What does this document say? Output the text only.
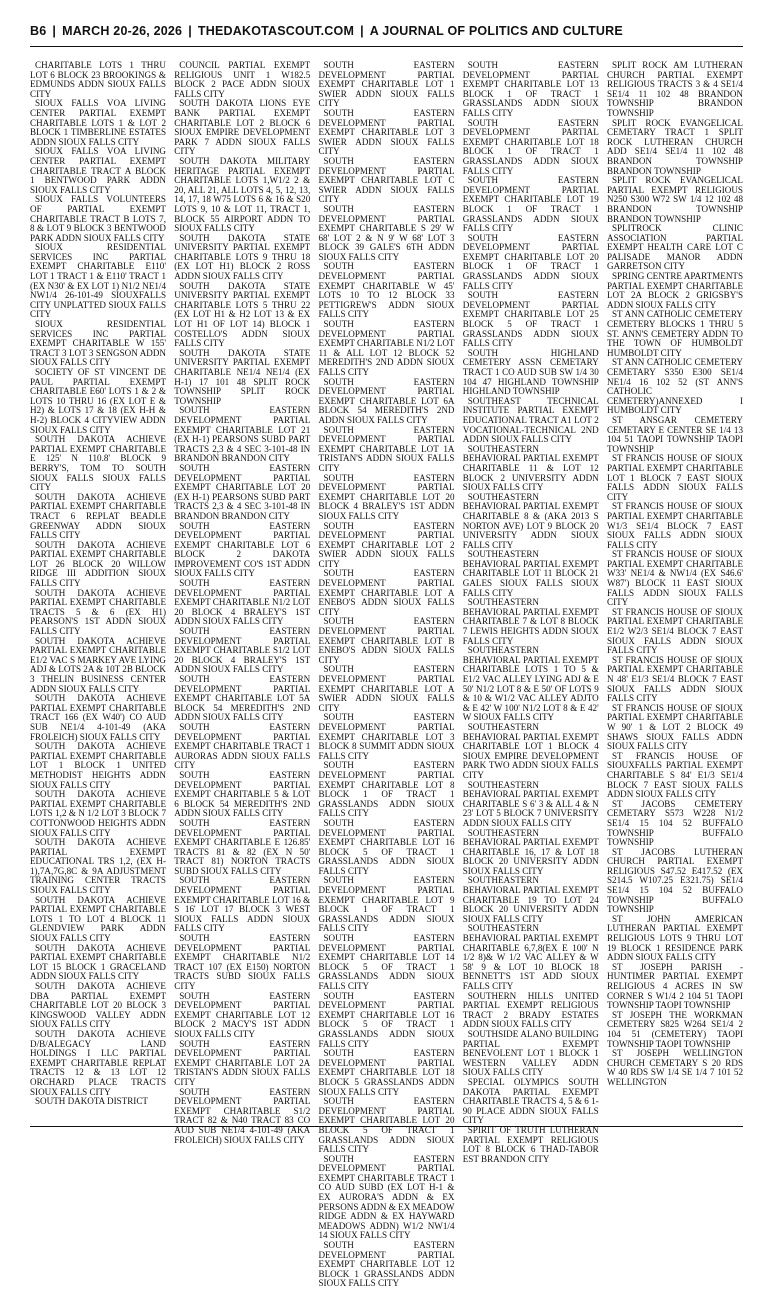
B6 | MARCH 20-26, 2026 | THEDAKOTASCOUT.COM | A JOURNAL OF POLITICS AND CULTURE

CHARITABLE LOTS 1 THRU LOT 6 BLOCK 23 BROOKINGS & EDMUNDS ADDN SIOUX FALLS CITY

SIOUX FALLS VOA LIVING CENTER PARTIAL EXEMPT CHARITABLE LOTS 1 & LOT 2 BLOCK 1 TIMBERLINE ESTATES ADDN SIOUX FALLS CITY

SIOUX FALLS VOA LIVING CENTER PARTIAL EXEMPT CHARITABLE TRACT A BLOCK 1 BENTWOOD PARK ADDN SIOUX FALLS CITY

SIOUX FALLS VOLUNTEERS OF PARTIAL EXEMPT CHARITABLE TRACT B LOTS 7, 8 & LOT 9 BLOCK 3 BENTWOOD PARK ADDN SIOUX FALLS CITY

SIOUX RESIDENTIAL SERVICES INC PARTIAL EXEMPT CHARITABLE E110' LOT 1 TRACT 1 & E110' TRACT 1 (EX N30' & EX LOT 1) N1/2 NE1/4 NW1/4 26-101-49 SIOUXFALLS CITY UNPLATTED SIOUX FALLS CITY

SIOUX RESIDENTIAL SERVICES INC PARTIAL EXEMPT CHARITABLE W 155' TRACT 3 LOT 3 SENGSON ADDN SIOUX FALLS CITY

SOCIETY OF ST VINCENT DE PAUL PARTIAL EXEMPT CHARITABLE E60' LOTS 1 & 2 & LOTS 10 THRU 16 (EX LOT E & H2) & LOTS 17 & 18 (EX H-H & H-2) BLOCK 4 CITYVIEW ADDN SIOUX FALLS CITY

SOUTH DAKOTA ACHIEVE PARTIAL EXEMPT CHARITABLE E 125' N 110.8' BLOCK 9 BERRY'S, TOM TO SOUTH SIOUX FALLS SIOUX FALLS CITY

SOUTH DAKOTA ACHIEVE PARTIAL EXEMPT CHARITABLE TRACT 6 REPLAT BEADLE GREENWAY ADDN SIOUX FALLS CITY

SOUTH DAKOTA ACHIEVE PARTIAL EXEMPT CHARITABLE LOT 26 BLOCK 20 WILLOW RIDGE III ADDITION SIOUX FALLS CITY

SOUTH DAKOTA ACHIEVE PARTIAL EXEMPT CHARITABLE TRACTS 5 & 6 (EX H1) PEARSON'S 1ST ADDN SIOUX FALLS CITY

SOUTH DAKOTA ACHIEVE PARTIAL EXEMPT CHARITABLE E1/2 VAC S MARKEY AVE LYING ADJ & LOTS 2A & 10T 2B BLOCK 3 THELIN BUSINESS CENTER ADDN SIOUX FALLS CITY

SOUTH DAKOTA ACHIEVE PARTIAL EXEMPT CHARITABLE TRACT 166 (EX W40') CO AUD SUB NE1/4 4-101-49 (AKA FROLEICH) SIOUX FALLS CITY

SOUTH DAKOTA ACHIEVE PARTIAL EXEMPT CHARITABLE LOT 1 BLOCK 1 UNITED METHODIST HEIGHTS ADDN SIOUX FALLS CITY

SOUTH DAKOTA ACHIEVE PARTIAL EXEMPT CHARITABLE LOTS 1,2 & N 1/2 LOT 3 BLOCK 7 COTTONWOOD HEIGHTS ADDN SIOUX FALLS CITY

SOUTH DAKOTA ACHIEVE PARTIAL EXEMPT EDUCATIONAL TRS 1,2, (EX H-1),7A,7G,8C & 9A ADJUSTMENT TRAINING CENTER TRACTS SIOUX FALLS CITY

SOUTH DAKOTA ACHIEVE PARTIAL EXEMPT CHARITABLE LOTS 1 TO LOT 4 BLOCK 11 GLENDVIEW PARK ADDN SIOUX FALLS CITY

SOUTH DAKOTA ACHIEVE PARTIAL EXEMPT CHARITABLE LOT 15 BLOCK 1 GRACELAND ADDN SIOUX FALLS CITY

SOUTH DAKOTA ACHIEVE DBA PARTIAL EXEMPT CHARITABLE LOT 20 BLOCK 3 KINGSWOOD VALLEY ADDN SIOUX FALLS CITY

SOUTH DAKOTA ACHIEVE D/B/ALEGACY LAND HOLDINGS I LLC PARTIAL EXEMPT CHARITABLE REPLAT TRACTS 12 & 13 LOT 12 ORCHARD PLACE TRACTS SIOUX FALLS CITY

SOUTH DAKOTA DISTRICT

COUNCIL PARTIAL EXEMPT RELIGIOUS UNIT 1 W182.5 BLOCK 2 PACE ADDN SIOUX FALLS CITY

SOUTH DAKOTA LIONS EYE BANK PARTIAL EXEMPT CHARITABLE LOT 2 BLOCK 6 SIOUX EMPIRE DEVELOPMENT PARK 7 ADDN SIOUX FALLS CITY

SOUTH DAKOTA MILITARY HERITAGE PARTIAL EXEMPT CHARITABLE LOTS 1,W1/2 2 & 20, ALL 21, ALL LOTS 4, 5, 12, 13, 14, 17, 18 W75 LOTS 6 & 16 & S20 LOTS 9, 10 & LOT 11, TRACT 1, BLOCK 55 AIRPORT ADDN TO SIOUX FALLS CITY

SOUTH DAKOTA STATE UNIVERSITY PARTIAL EXEMPT CHARITABLE LOTS 9 THRU 18 (EX LOT H1) BLOCK 2 ROSS ADDN SIOUX FALLS CITY

SOUTH DAKOTA STATE UNIVERSITY PARTIAL EXEMPT CHARITABLE LOTS 5 THRU 22 (EX LOT H1 & H2 LOT 13 & EX LOT H1 OF LOT 14) BLOCK 1 COSTELLO'S ADDN SIOUX FALLS CITY

SOUTH DAKOTA STATE UNIVERSITY PARTIAL EXEMPT CHARITABLE NE1/4 NE1/4 (EX H-1) 17 101 48 SPLIT ROCK TOWNSHIP SPLIT ROCK TOWNSHIP

SOUTH EASTERN DEVELOPMENT PARTIAL EXEMPT CHARITABLE LOT 21 (EX H-1) PEARSONS SUBD PART TRACTS 2,3 & 4 SEC 3-101-48 IN BRANDON BRANDON CITY

SOUTH EASTERN DEVELOPMENT PARTIAL EXEMPT CHARITABLE LOT 20 (EX H-1) PEARSONS SUBD PART TRACTS 2,3 & 4 SEC 3-101-48 IN BRANDON BRANDON CITY

SOUTH EASTERN DEVELOPMENT PARTIAL EXEMPT CHARITABLE LOT 6 BLOCK 2 DAKOTA IMPROVEMENT CO'S 1ST ADDN SIOUX FALLS CITY

SOUTH EASTERN DEVELOPMENT PARTIAL EXEMPT CHARITABLE N1/2 LOT 20 BLOCK 4 BRALEY'S 1ST ADDN SIOUX FALLS CITY

SOUTH EASTERN DEVELOPMENT PARTIAL EXEMPT CHARITABLE S1/2 LOT 20 BLOCK 4 BRALEY'S 1ST ADDN SIOUX FALLS CITY

SOUTH EASTERN DEVELOPMENT PARTIAL EXEMPT CHARITABLE LOT 5A BLOCK 54 MEREDITH'S 2ND ADDN SIOUX FALLS CITY

SOUTH EASTERN DEVELOPMENT PARTIAL EXEMPT CHARITABLE TRACT 1 AURORAS ADDN SIOUX FALLS CITY

SOUTH EASTERN DEVELOPMENT PARTIAL EXEMPT CHARITABLE 5 & LOT 6 BLOCK 54 MEREDITH'S 2ND ADDN SIOUX FALLS CITY

SOUTH EASTERN DEVELOPMENT PARTIAL EXEMPT CHARITABLE E 126.85' TRACTS 81 & 82 (EX N 50' TRACT 81) NORTON TRACTS SUBD SIOUX FALLS CITY

SOUTH EASTERN DEVELOPMENT PARTIAL EXEMPT CHARITABLE LOT 16 & S 16' LOT 17 BLOCK 3 WEST SIOUX FALLS ADDN SIOUX FALLS CITY

SOUTH EASTERN DEVELOPMENT PARTIAL EXEMPT CHARITABLE N1/2 TRACT 107 (EX E150) NORTON TRACTS SUBD SIOUX FALLS CITY

SOUTH EASTERN DEVELOPMENT PARTIAL EXEMPT CHARITABLE LOT 12 BLOCK 2 MACY'S 1ST ADDN SIOUX FALLS CITY

SOUTH EASTERN DEVELOPMENT PARTIAL EXEMPT CHARITABLE LOT 2A TRISTAN'S ADDN SIOUX FALLS CITY

SOUTH EASTERN DEVELOPMENT PARTIAL EXEMPT CHARITABLE S1/2 TRACT 82 & N40 TRACT 83 CO AUD SUB NE1/4 4-101-49 (AKA FROLEICH) SIOUX FALLS CITY

SOUTH EASTERN DEVELOPMENT PARTIAL EXEMPT CHARITABLE LOT 1 SWIER ADDN SIOUX FALLS CITY

SOUTH EASTERN DEVELOPMENT PARTIAL EXEMPT CHARITABLE LOT 3 SWIER ADDN SIOUX FALLS CITY

SOUTH EASTERN DEVELOPMENT PARTIAL EXEMPT CHARITABLE LOT C SWIER ADDN SIOUX FALLS CITY

SOUTH EASTERN DEVELOPMENT PARTIAL EXEMPT CHARITABLE S 29' W 68' LOT 2 & N 9' W 68' LOT 3 BLOCK 39 GALE'S 6TH ADDN SIOUX FALLS CITY

SOUTH EASTERN DEVELOPMENT PARTIAL EXEMPT CHARITABLE W 45' LOTS 10 TO 12 BLOCK 33 PETTIGREW'S ADDN SIOUX FALLS CITY

SOUTH EASTERN DEVELOPMENT PARTIAL EXEMPT CHARITABLE N1/2 LOT 11 & ALL LOT 12 BLOCK 52 MEREDITH'S 2ND ADDN SIOUX FALLS CITY

SOUTH EASTERN DEVELOPMENT PARTIAL EXEMPT CHARITABLE LOT 6A BLOCK 54 MEREDITH'S 2ND ADDN SIOUX FALLS CITY

SOUTH EASTERN DEVELOPMENT PARTIAL EXEMPT CHARITABLE LOT 1A TRISTAN'S ADDN SIOUX FALLS CITY

SOUTH EASTERN DEVELOPMENT PARTIAL EXEMPT CHARITABLE LOT 20 BLOCK 4 BRALEY'S 1ST ADDN SIOUX FALLS CITY

SOUTH EASTERN DEVELOPMENT PARTIAL EXEMPT CHARITABLE LOT 2 SWIER ADDN SIOUX FALLS CITY

SOUTH EASTERN DEVELOPMENT PARTIAL EXEMPT CHARITABLE LOT A ENEBO'S ADDN SIOUX FALLS CITY

SOUTH EASTERN DEVELOPMENT PARTIAL EXEMPT CHARITABLE LOT B ENEBO'S ADDN SIOUX FALLS CITY

SOUTH EASTERN DEVELOPMENT PARTIAL EXEMPT CHARITABLE LOT A SWIER ADDN SIOUX FALLS CITY

SOUTH EASTERN DEVELOPMENT PARTIAL EXEMPT CHARITABLE LOT 3 BLOCK 8 SUMMIT ADDN SIOUX FALLS CITY

SOUTH EASTERN DEVELOPMENT PARTIAL EXEMPT CHARITABLE LOT 8 BLOCK 1 OF TRACT 1 GRASSLANDS ADDN SIOUX FALLS CITY

SOUTH EASTERN DEVELOPMENT PARTIAL EXEMPT CHARITABLE LOT 16 BLOCK 5 OF TRACT 1 GRASSLANDS ADDN SIOUX FALLS CITY

SOUTH EASTERN DEVELOPMENT PARTIAL EXEMPT CHARITABLE LOT 9 BLOCK 1 OF TRACT 1 GRASSLANDS ADDN SIOUX FALLS CITY

SOUTH EASTERN DEVELOPMENT PARTIAL EXEMPT CHARITABLE LOT 14 BLOCK 5 OF TRACT 1 GRASSLANDS ADDN SIOUX FALLS CITY

SOUTH EASTERN DEVELOPMENT PARTIAL EXEMPT CHARITABLE LOT 16 BLOCK 5 OF TRACT 1 GRASSLANDS ADDN SIOUX FALLS CITY

SOUTH EASTERN DEVELOPMENT PARTIAL EXEMPT CHARITABLE LOT 18 BLOCK 5 GRASSLANDS ADDN SIOUX FALLS CITY

SOUTH EASTERN DEVELOPMENT PARTIAL EXEMPT CHARITABLE LOT 20 BLOCK 5 OF TRACT 1 GRASSLANDS ADDN SIOUX FALLS CITY

SOUTH EASTERN DEVELOPMENT PARTIAL EXEMPT CHARITABLE TRACT 1 CO AUD SUBD (EX LOT H-1 & EX AURORA'S ADDN & EX PERSONS ADDN & EX MEADOW RIDGE ADDN & EX HAYWARD MEADOWS ADDN) W1/2 NW1/4 14 SIOUX FALLS CITY

SOUTH EASTERN DEVELOPMENT PARTIAL EXEMPT CHARITABLE LOT 12 BLOCK 1 GRASSLANDS ADDN SIOUX FALLS CITY

SOUTH EASTERN DEVELOPMENT PARTIAL EXEMPT CHARITABLE LOT 13 BLOCK 1 OF TRACT 1 GRASSLANDS ADDN SIOUX FALLS CITY

SOUTH EASTERN DEVELOPMENT PARTIAL EXEMPT CHARITABLE LOT 18 BLOCK 1 OF TRACT 1 GRASSLANDS ADDN SIOUX FALLS CITY

SOUTH EASTERN DEVELOPMENT PARTIAL EXEMPT CHARITABLE LOT 19 BLOCK 1 OF TRACT 1 GRASSLANDS ADDN SIOUX FALLS CITY

SOUTH EASTERN DEVELOPMENT PARTIAL EXEMPT CHARITABLE LOT 20 BLOCK 1 OF TRACT 1 GRASSLANDS ADDN SIOUX FALLS CITY

SOUTH EASTERN DEVELOPMENT PARTIAL EXEMPT CHARITABLE LOT 25 BLOCK 5 OF TRACT 1 GRASSLANDS ADDN SIOUX FALLS CITY

SOUTH HIGHLAND CEMETERY ASSN CEMETARY TRACT 1 CO AUD SUB SW 1/4 30 104 47 HIGHLAND TOWNSHIP HIGHLAND TOWNSHIP

SOUTHEAST TECHNICAL INSTITUTE PARTIAL EXEMPT EDUCATIONAL TRACT A1 LOT 2 VOCATIONAL-TECHNICAL 2ND ADDN SIOUX FALLS CITY

SOUTHEASTERN BEHAVIORAL PARTIAL EXEMPT CHARITABLE 11 & LOT 12 BLOCK 2 UNIVERSITY ADDN SIOUX FALLS CITY

SOUTHEASTERN BEHAVIORAL PARTIAL EXEMPT CHARITABLE 8 & (AKA 2013 S NORTON AVE) LOT 9 BLOCK 20 UNIVERSITY ADDN SIOUX FALLS CITY

SOUTHEASTERN BEHAVIORAL PARTIAL EXEMPT CHARITABLE LOT 11 BLOCK 21 GALES SIOUX FALLS SIOUX FALLS CITY

SOUTHEASTERN BEHAVIORAL PARTIAL EXEMPT CHARITABLE 7 & LOT 8 BLOCK 7 LEWIS HEIGHTS ADDN SIOUX FALLS CITY

SOUTHEASTERN BEHAVIORAL PARTIAL EXEMPT CHARITABLE LOTS 1 TO 5 & E1/2 VAC ALLEY LYING ADJ & E 50' N1/2 LOT 8 & E 50' OF LOTS 9 & 10 & W1/2 VAC ALLEY ADJTO & E 42' W 100' N1/2 LOT 8 & E 42' W SIOUX FALLS CITY

SOUTHEASTERN BEHAVIORAL PARTIAL EXEMPT CHARITABLE LOT 1 BLOCK 4 SIOUX EMPIRE DEVELOPMENT PARK TWO ADDN SIOUX FALLS CITY

SOUTHEASTERN BEHAVIORAL PARTIAL EXEMPT CHARITABLE S 6' 3 & ALL 4 & N 23' LOT 5 BLOCK 7 UNIVERSITY ADDN SIOUX FALLS CITY

SOUTHEASTERN BEHAVIORAL PARTIAL EXEMPT CHARITABLE 16, 17 & LOT 18 BLOCK 20 UNIVERSITY ADDN SIOUX FALLS CITY

SOUTHEASTERN BEHAVIORAL PARTIAL EXEMPT CHARITABLE 19 TO LOT 24 BLOCK 20 UNIVERSITY ADDN SIOUX FALLS CITY

SOUTHEASTERN BEHAVIORAL PARTIAL EXEMPT CHARITABLE 6,7,8(EX E 100' N 1/2 8)& W 1/2 VAC ALLEY & W 58' 9 & LOT 10 BLOCK 18 BENNETT'S 1ST ADD SIOUX FALLS CITY

SOUTHERN HILLS UNITED PARTIAL EXEMPT RELIGIOUS TRACT 2 BRADY ESTATES ADDN SIOUX FALLS CITY

SOUTHSIDE ALANO BUILDING PARTIAL EXEMPT BENEVOLENT LOT 1 BLOCK 1 WESTERN VALLEY ADDN SIOUX FALLS CITY

SPECIAL OLYMPICS SOUTH DAKOTA PARTIAL EXEMPT CHARITABLE TRACTS 4, 5 & 6 1-90 PLACE ADDN SIOUX FALLS CITY

SPIRIT OF TRUTH LUTHERAN PARTIAL EXEMPT RELIGIOUS LOT 8 BLOCK 6 THAD-TABOR EST BRANDON CITY

SPLIT ROCK AM LUTHERAN CHURCH PARTIAL EXEMPT RELIGIOUS TRACTS 3 & 4 SE1/4 SE1/4 11 102 48 BRANDON TOWNSHIP BRANDON TOWNSHIP

SPLIT ROCK EVANGELICAL CEMETARY TRACT 1 SPLIT ROCK LUTHERAN CHURCH ADD SE1/4 SE1/4 11 102 48 BRANDON TOWNSHIP BRANDON TOWNSHIP

SPLIT ROCK EVANGELICAL PARTIAL EXEMPT RELIGIOUS N250 S300 W72 SW 1/4 12 102 48 BRANDON TOWNSHIP BRANDON TOWNSHIP

SPLITROCK CLINIC ASSOCIATION PARTIAL EXEMPT HEALTH CARE LOT C PALISADE MANOR ADDN GARRETSON CITY

SPRING CENTRE APARTMENTS PARTIAL EXEMPT CHARITABLE LOT 2A BLOCK 2 GRIGSBY'S ADDN SIOUX FALLS CITY

ST ANN CATHOLIC CEMETERY CEMETERY BLOCKS 1 THRU 5 ST. ANN'S CEMETERY ADDN TO THE TOWN OF HUMBOLDT HUMBOLDT CITY

ST ANN CATHOLIC CEMETERY CEMETARY S350 E300 SE1/4 NE1/4 16 102 52 (ST ANN'S CATHOLIC CEMETERY)ANNEXED I HUMBOLDT CITY

ST ANSGAR CEMETERY CEMETARY E CENTER SE 1/4 13 104 51 TAOPI TOWNSHIP TAOPI TOWNSHIP

ST FRANCIS HOUSE OF SIOUX PARTIAL EXEMPT CHARITABLE LOT 1 BLOCK 7 EAST SIOUX FALLS ADDN SIOUX FALLS CITY

ST FRANCIS HOUSE OF SIOUX PARTIAL EXEMPT CHARITABLE W1/3 SE1/4 BLOCK 7 EAST SIOUX FALLS ADDN SIOUX FALLS CITY

ST FRANCIS HOUSE OF SIOUX PARTIAL EXEMPT CHARITABLE W33' NE1/4 & NW1/4 (EX S46.6' W87') BLOCK 11 EAST SIOUX FALLS ADDN SIOUX FALLS CITY

ST FRANCIS HOUSE OF SIOUX PARTIAL EXEMPT CHARITABLE E1/2 W2/3 SE1/4 BLOCK 7 EAST SIOUX FALLS ADDN SIOUX FALLS CITY

ST FRANCIS HOUSE OF SIOUX PARTIAL EXEMPT CHARITABLE N 48' E1/3 SE1/4 BLOCK 7 EAST SIOUX FALLS ADDN SIOUX FALLS CITY

ST FRANCIS HOUSE OF SIOUX PARTIAL EXEMPT CHARITABLE W 90' 1 & LOT 2 BLOCK 49 SHAWS SIOUX FALLS ADDN SIOUX FALLS CITY

ST FRANCIS HOUSE OF SIOUXFALLS PARTIAL EXEMPT CHARITABLE S 84' E1/3 SE1/4 BLOCK 7 EAST SIOUX FALLS ADDN SIOUX FALLS CITY

ST JACOBS CEMETERY CEMETARY S573 W228 N1/2 SE1/4 15 104 52 BUFFALO TOWNSHIP BUFFALO TOWNSHIP

ST JACOBS LUTHERAN CHURCH PARTIAL EXEMPT RELIGIOUS S47.52 E417.52 (EX S214.5 W107.25 E321.75) SE1/4 SE1/4 15 104 52 BUFFALO TOWNSHIP BUFFALO TOWNSHIP

ST JOHN AMERICAN LUTHERAN PARTIAL EXEMPT RELIGIOUS LOTS 9 THRU LOT 19 BLOCK 1 RESIDENCE PARK ADDN SIOUX FALLS CITY

ST JOSEPH PARISH - HUNTIMER PARTIAL EXEMPT RELIGIOUS 4 ACRES IN SW CORNER S W1/4 2 104 51 TAOPI TOWNSHIP TAOPI TOWNSHIP

ST JOSEPH THE WORKMAN CEMETERY S825 W264 SE1/4 2 104 51 (CEMETERY) TAOPI TOWNSHIP TAOPI TOWNSHIP

ST JOSEPH WELLINGTON CHURCH CEMETARY S 20 RDS W 40 RDS SW 1/4 SE 1/4 7 101 52 WELLINGTON
